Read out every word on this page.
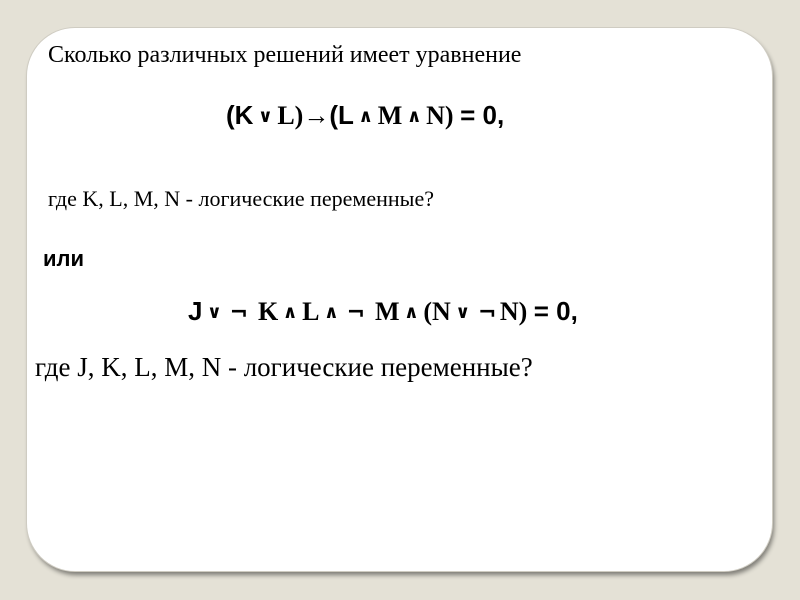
Сколько различных решений имеет уравнение
(K ∨ L)→(L ∧ M ∧ N) = 0,
где K, L, M, N - логические переменные?
или
J ∨ ¬ K ∧ L ∧ ¬ M ∧ (N ∨ ¬ N) = 0,
где J, K, L, M, N - логические переменные?
